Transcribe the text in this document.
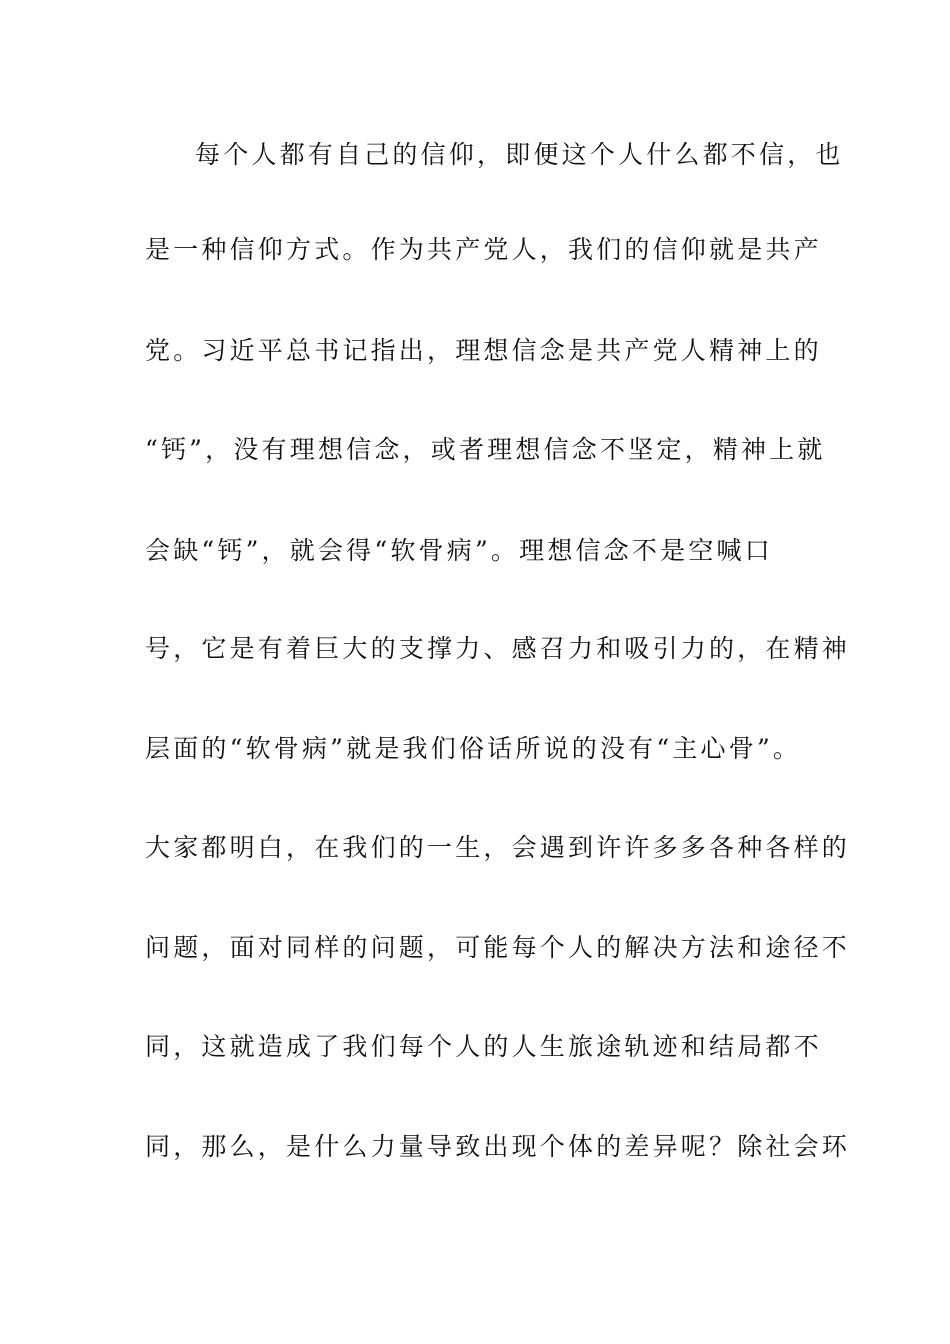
每个人都有自己的信仰，即便这个人什么都不信，也
是一种信仰方式。作为共产党人，我们的信仰就是共产
党。习近平总书记指出，理想信念是共产党人精神上的
“钙”，没有理想信念，或者理想信念不坚定，精神上就
会缺“钙”，就会得“软骨病”。理想信念不是空喊口
号，它是有着巨大的支撑力、感召力和吸引力的，在精神
层面的“软骨病”就是我们俗话所说的没有“主心骨”。
大家都明白，在我们的一生，会遇到许许多多各种各样的
问题，面对同样的问题，可能每个人的解决方法和途径不
同，这就造成了我们每个人的人生旅途轨迹和结局都不
同，那么，是什么力量导致出现个体的差异呢？除社会环
